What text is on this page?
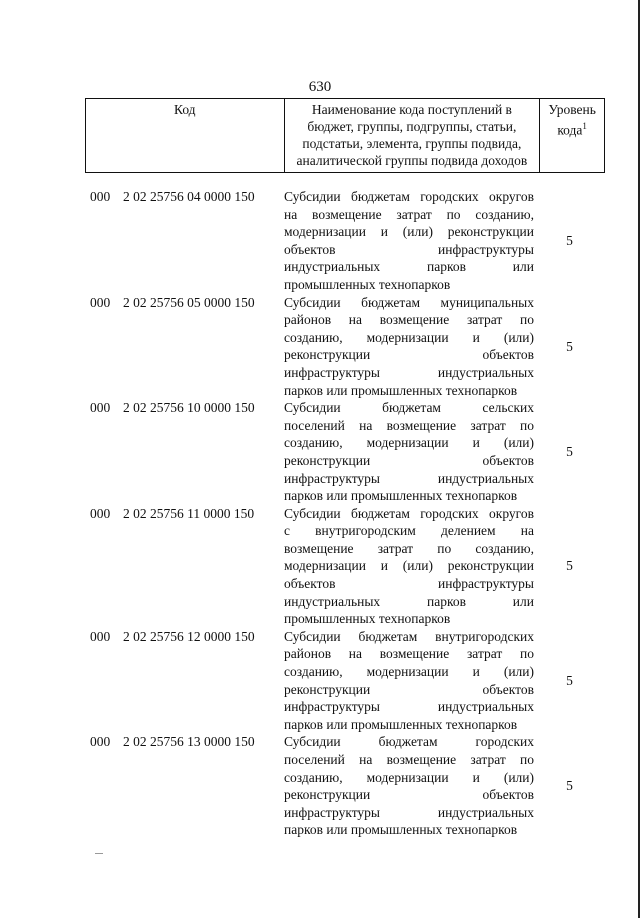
630
Код	Наименование кода поступлений в
бюджет, группы, подгруппы, статьи,
подстатьи, элемента, группы подвида,
аналитической группы подвида доходов

Уровень
кода$^1$
000 2 02 25756 04 0000 150	Субсидии бюджетам городских округов
на возмещение затрат по созданию,
модернизации и (или) реконструкции
объектов инфраструктуры
индустриальных парков или
промышленных технопарков
5
000 2 02 25756 05 0000 150	Субсидии бюджетам муниципальных
районов на возмещение затрат по
созданию, модернизации и (или)
реконструкции объектов
инфраструктуры индустриальных
парков или промышленных технопарков
5
000 2 02 25756 10 0000 150	Субсидии бюджетам сельских
поселений на возмещение затрат по
созданию, модернизации и (или)
реконструкции объектов
инфраструктуры индустриальных
парков или промышленных технопарков
5
000 2 02 25756 11 0000 150	Субсидии бюджетам городских округов
с внутригородским делением на
возмещение затрат по созданию,
модернизации и (или) реконструкции
объектов инфраструктуры
индустриальных парков или
промышленных технопарков
5
000 2 02 25756 12 0000 150	Субсидии бюджетам внутригородских
районов на возмещение затрат по
созданию, модернизации и (или)
реконструкции объектов
инфраструктуры индустриальных
парков или промышленных технопарков
5
000 2 02 25756 13 0000 150	Субсидии бюджетам городских
поселений на возмещение затрат по
созданию, модернизации и (или)
реконструкции объектов
инфраструктуры индустриальных
парков или промышленных технопарков
5
